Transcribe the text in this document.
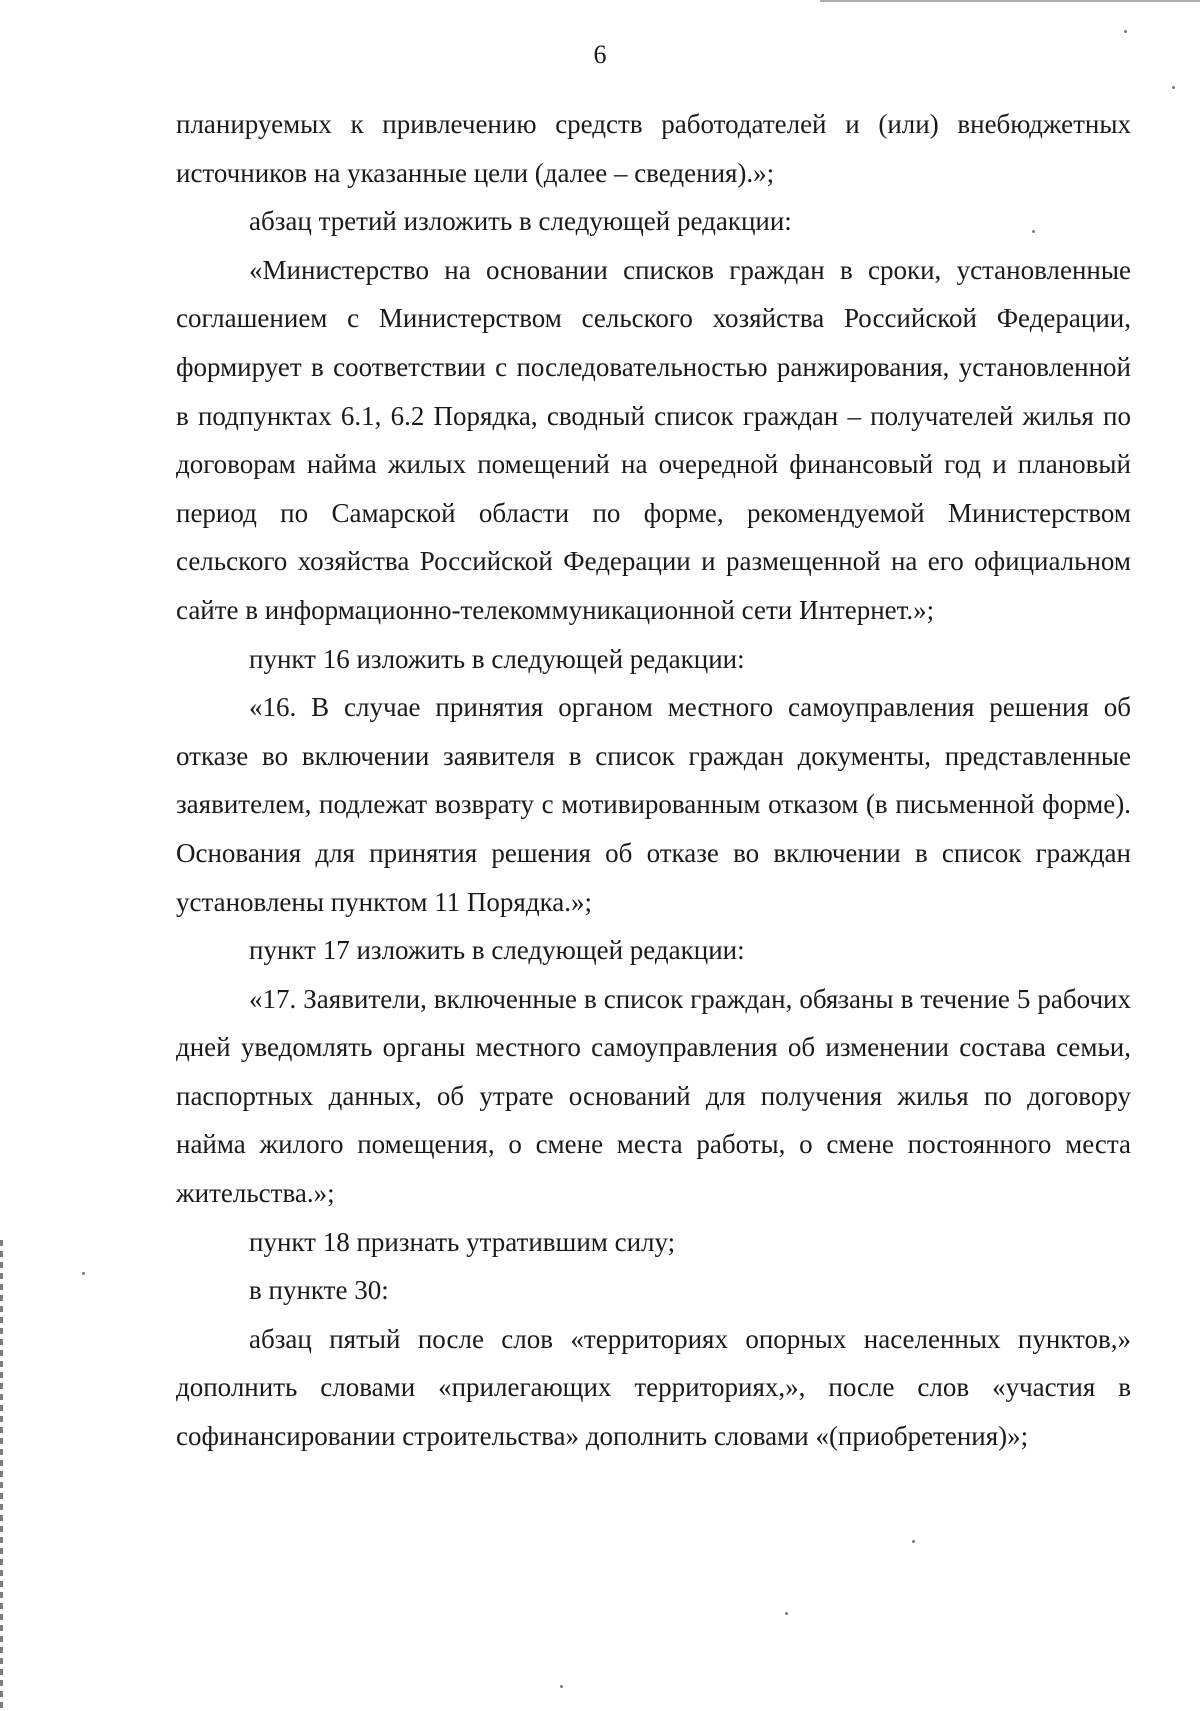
6

планируемых к привлечению средств работодателей и (или) внебюджетных источников на указанные цели (далее – сведения).»;

абзац третий изложить в следующей редакции:

«Министерство на основании списков граждан в сроки, установленные соглашением с Министерством сельского хозяйства Российской Федерации, формирует в соответствии с последовательностью ранжирования, установленной в подпунктах 6.1, 6.2 Порядка, сводный список граждан – получателей жилья по договорам найма жилых помещений на очередной финансовый год и плановый период по Самарской области по форме, рекомендуемой Министерством сельского хозяйства Российской Федерации и размещенной на его официальном сайте в информационно-телекоммуникационной сети Интернет.»;

пункт 16 изложить в следующей редакции:

«16. В случае принятия органом местного самоуправления решения об отказе во включении заявителя в список граждан документы, представленные заявителем, подлежат возврату с мотивированным отказом (в письменной форме). Основания для принятия решения об отказе во включении в список граждан установлены пунктом 11 Порядка.»;

пункт 17 изложить в следующей редакции:

«17. Заявители, включенные в список граждан, обязаны в течение 5 рабочих дней уведомлять органы местного самоуправления об изменении состава семьи, паспортных данных, об утрате оснований для получения жилья по договору найма жилого помещения, о смене места работы, о смене постоянного места жительства.»;

пункт 18 признать утратившим силу;

в пункте 30:

абзац пятый после слов «территориях опорных населенных пунктов,» дополнить словами «прилегающих территориях,», после слов «участия в софинансировании строительства» дополнить словами «(приобретения)»;
